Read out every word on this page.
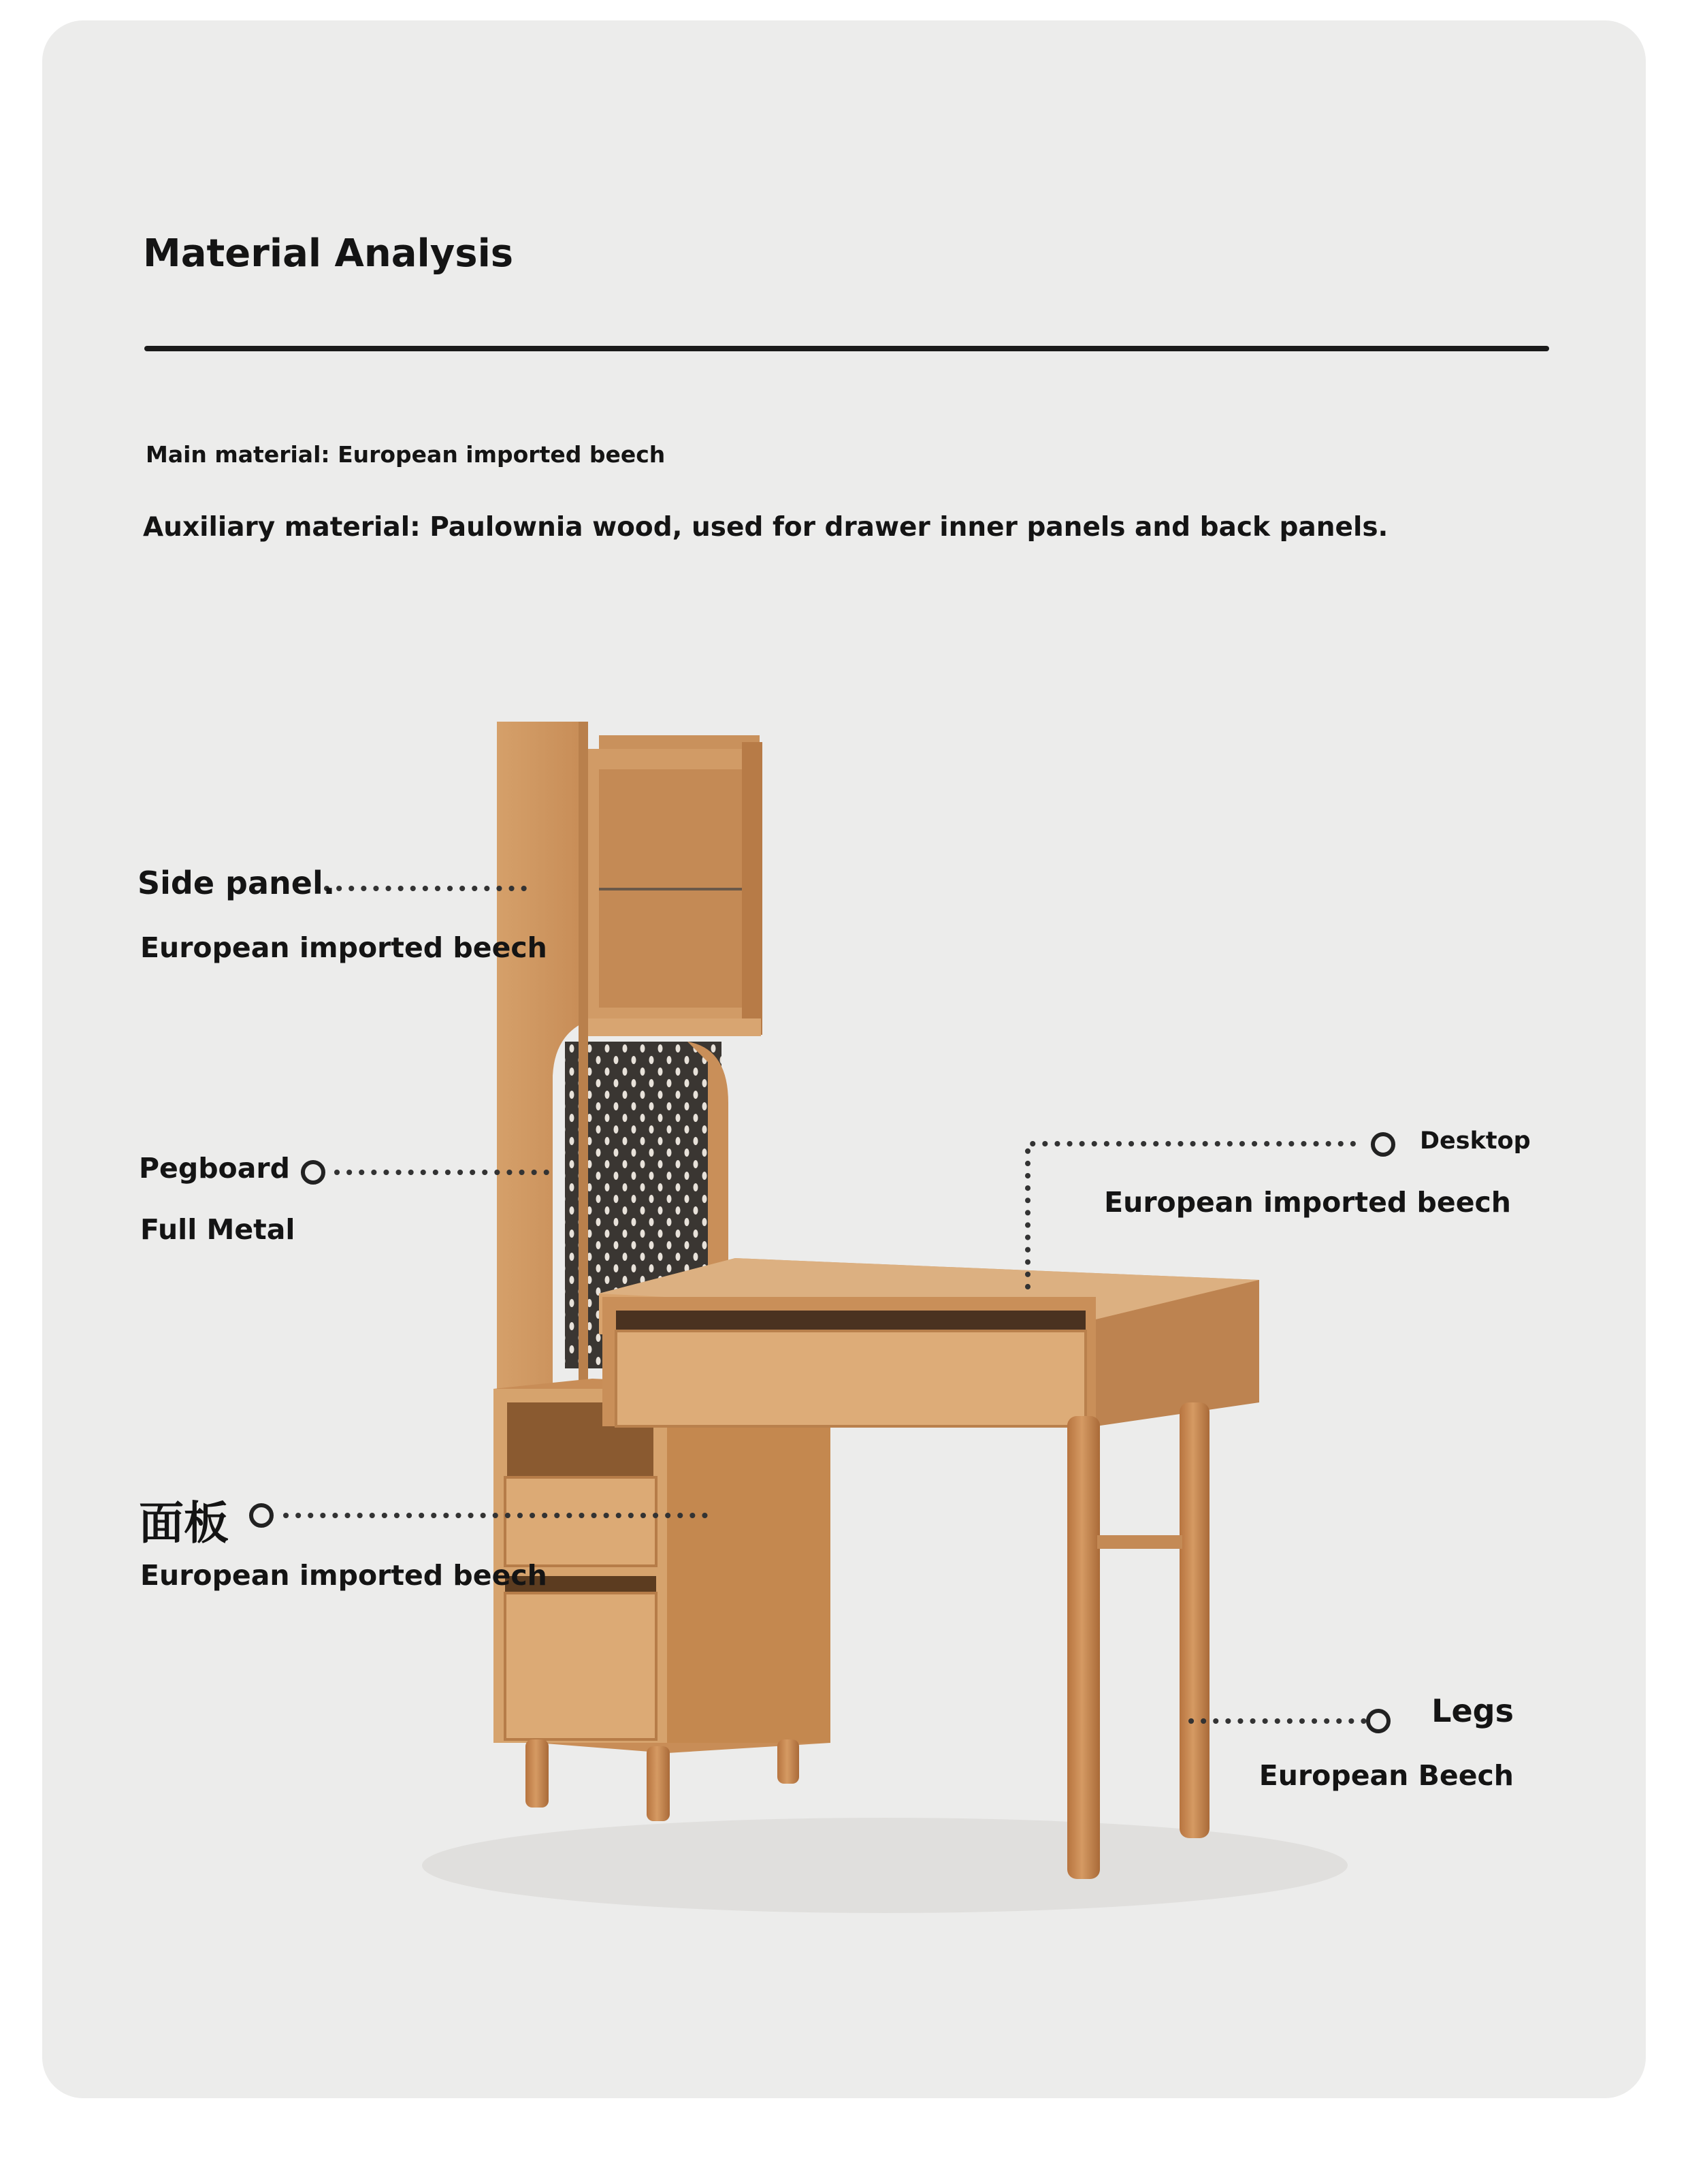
Material Analysis
Main material: European imported beech
Auxiliary material: Paulownia wood, used for drawer inner panels and back panels.
Side panel.
European imported beech
Pegboard
Full Metal
面板
European imported beech
Desktop
European imported beech
Legs
European Beech
